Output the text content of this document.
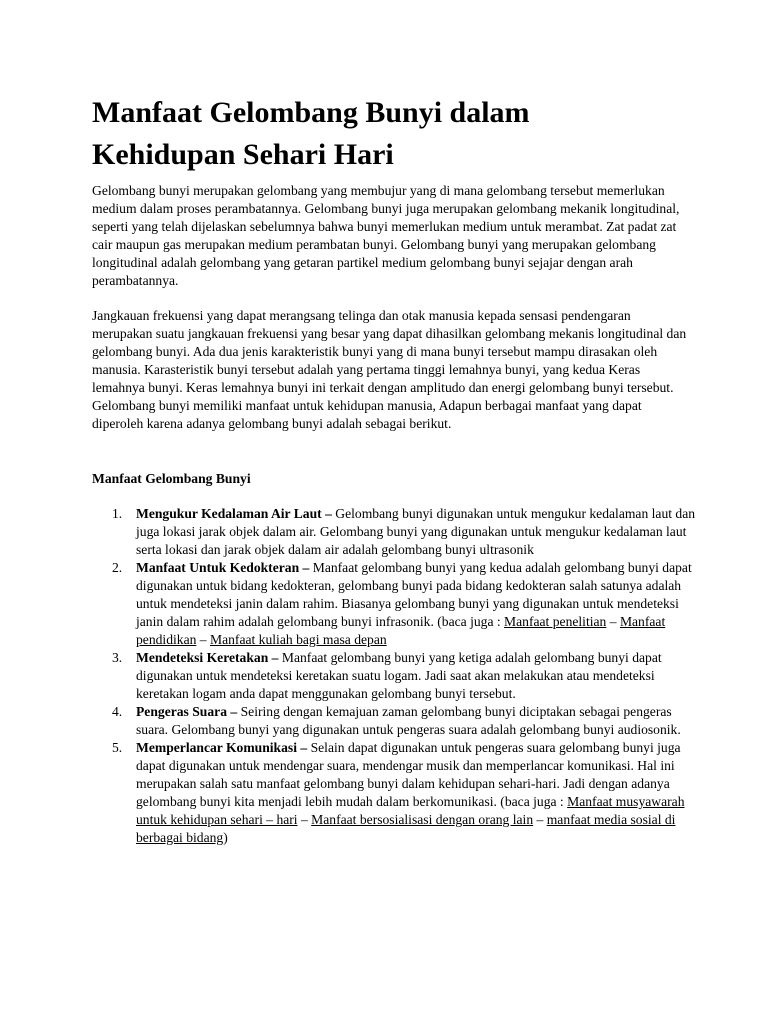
Manfaat Gelombang Bunyi dalam
Kehidupan Sehari Hari

Gelombang bunyi merupakan gelombang yang membujur yang di mana gelombang tersebut memerlukan medium dalam proses perambatannya. Gelombang bunyi juga merupakan gelombang mekanik longitudinal, seperti yang telah dijelaskan sebelumnya bahwa bunyi memerlukan medium untuk merambat. Zat padat zat cair maupun gas merupakan medium perambatan bunyi. Gelombang bunyi yang merupakan gelombang longitudinal adalah gelombang yang getaran partikel medium gelombang bunyi sejajar dengan arah perambatannya.

Jangkauan frekuensi yang dapat merangsang telinga dan otak manusia kepada sensasi pendengaran merupakan suatu jangkauan frekuensi yang besar yang dapat dihasilkan gelombang mekanis longitudinal dan gelombang bunyi. Ada dua jenis karakteristik bunyi yang di mana bunyi tersebut mampu dirasakan oleh manusia. Karasteristik bunyi tersebut adalah yang pertama tinggi lemahnya bunyi, yang kedua Keras lemahnya bunyi. Keras lemahnya bunyi ini terkait dengan amplitudo dan energi gelombang bunyi tersebut. Gelombang bunyi memiliki manfaat untuk kehidupan manusia, Adapun berbagai manfaat yang dapat diperoleh karena adanya gelombang bunyi adalah sebagai berikut.

Manfaat Gelombang Bunyi

1. Mengukur Kedalaman Air Laut – Gelombang bunyi digunakan untuk mengukur kedalaman laut dan juga lokasi jarak objek dalam air. Gelombang bunyi yang digunakan untuk mengukur kedalaman laut serta lokasi dan jarak objek dalam air adalah gelombang bunyi ultrasonik
2. Manfaat Untuk Kedokteran – Manfaat gelombang bunyi yang kedua adalah gelombang bunyi dapat digunakan untuk bidang kedokteran, gelombang bunyi pada bidang kedokteran salah satunya adalah untuk mendeteksi janin dalam rahim. Biasanya gelombang bunyi yang digunakan untuk mendeteksi janin dalam rahim adalah gelombang bunyi infrasonik. (baca juga : Manfaat penelitian – Manfaat pendidikan – Manfaat kuliah bagi masa depan
3. Mendeteksi Keretakan – Manfaat gelombang bunyi yang ketiga adalah gelombang bunyi dapat digunakan untuk mendeteksi keretakan suatu logam. Jadi saat akan melakukan atau mendeteksi keretakan logam anda dapat menggunakan gelombang bunyi tersebut.
4. Pengeras Suara – Seiring dengan kemajuan zaman gelombang bunyi diciptakan sebagai pengeras suara. Gelombang bunyi yang digunakan untuk pengeras suara adalah gelombang bunyi audiosonik.
5. Memperlancar Komunikasi – Selain dapat digunakan untuk pengeras suara gelombang bunyi juga dapat digunakan untuk mendengar suara, mendengar musik dan memperlancar komunikasi. Hal ini merupakan salah satu manfaat gelombang bunyi dalam kehidupan sehari-hari. Jadi dengan adanya gelombang bunyi kita menjadi lebih mudah dalam berkomunikasi. (baca juga : Manfaat musyawarah untuk kehidupan sehari – hari – Manfaat bersosialisasi dengan orang lain – manfaat media sosial di berbagai bidang)
